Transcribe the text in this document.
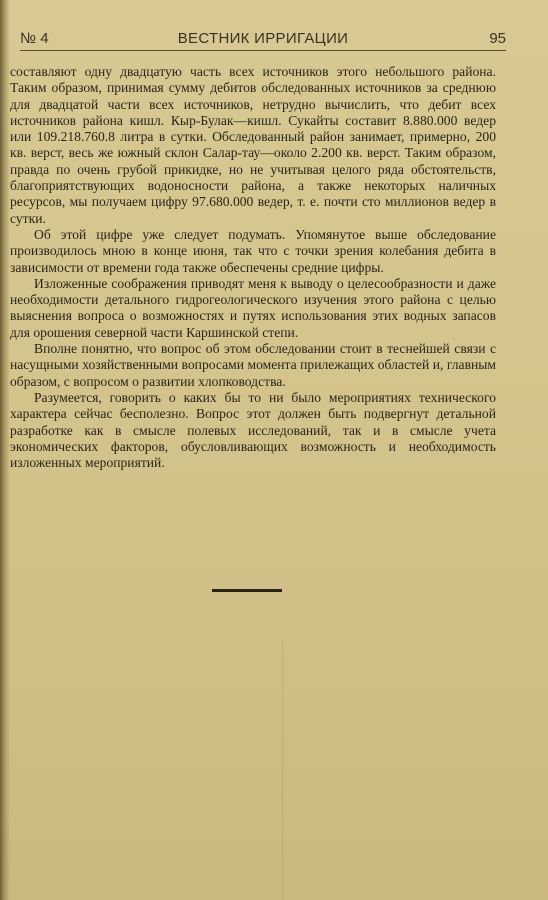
№ 4	ВЕСТНИК ИРРИГАЦИИ	95

составляют одну двадцатую часть всех источников этого небольшого района. Таким образом, принимая сумму дебитов обследованных источников за среднюю для двадцатой части всех источников, нетрудно вычислить, что дебит всех источников района кишл. Кыр-Булак—кишл. Сукайты составит 8.880.000 ведер или 109.218.760.8 литра в сутки. Обследованный район занимает, примерно, 200 кв. верст, весь же южный склон Салар-тау—около 2.200 кв. верст. Таким образом, правда по очень грубой прикидке, но не учитывая целого ряда обстоятельств, благоприятствующих водоносности района, а также некоторых наличных ресурсов, мы получаем цифру 97.680.000 ведер, т. е. почти сто миллионов ведер в сутки.

Об этой цифре уже следует подумать. Упомянутое выше обследование производилось мною в конце июня, так что с точки зрения колебания дебита в зависимости от времени года также обеспечены средние цифры.

Изложенные соображения приводят меня к выводу о целесообразности и даже необходимости детального гидрогеологического изучения этого района с целью выяснения вопроса о возможностях и путях использования этих водных запасов для орошения северной части Каршинской степи.

Вполне понятно, что вопрос об этом обследовании стоит в теснейшей связи с насущными хозяйственными вопросами момента прилежащих областей и, главным образом, с вопросом о развитии хлопководства.

Разумеется, говорить о каких бы то ни было мероприятиях технического характера сейчас бесполезно. Вопрос этот должен быть подвергнут детальной разработке как в смысле полевых исследований, так и в смысле учета экономических факторов, обусловливающих возможность и необходимость изложенных мероприятий.
